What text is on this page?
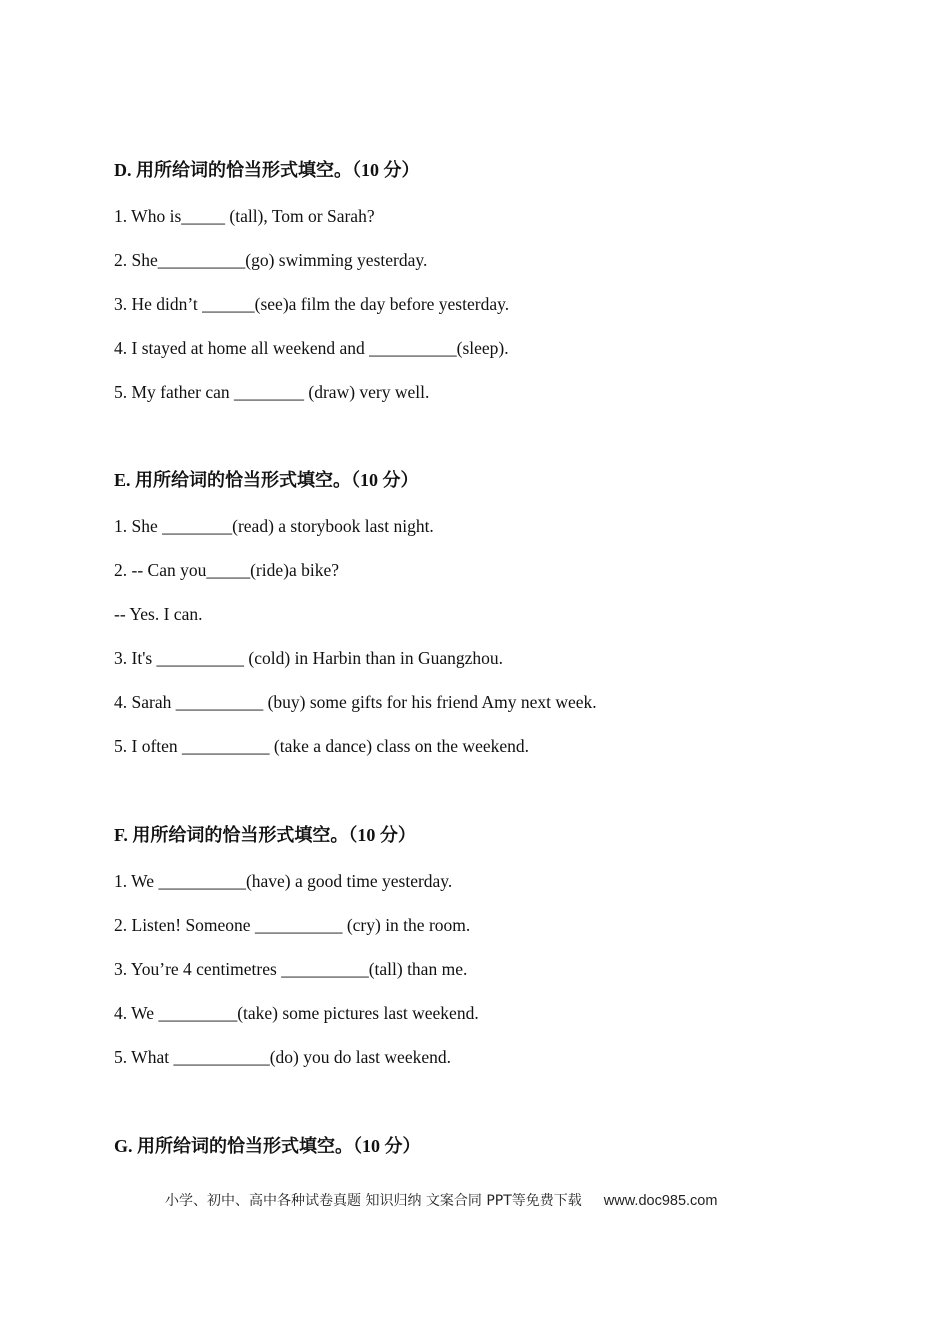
D. 用所给词的恰当形式填空。（10 分）
1. Who is_____ (tall), Tom or Sarah?
2. She__________(go) swimming yesterday.
3. He didn’t ______(see)a film the day before yesterday.
4. I stayed at home all weekend and __________(sleep).
5. My father can ________ (draw) very well.
E. 用所给词的恰当形式填空。（10 分）
1. She ________(read) a storybook last night.
2. -- Can you_____(ride)a bike?
-- Yes. I can.
3. It's __________ (cold) in Harbin than in Guangzhou.
4. Sarah __________ (buy) some gifts for his friend Amy next week.
5. I often __________ (take a dance) class on the weekend.
F. 用所给词的恰当形式填空。（10 分）
1. We __________(have) a good time yesterday.
2. Listen! Someone __________ (cry) in the room.
3. You’re 4 centimetres __________(tall) than me.
4. We _________(take) some pictures last weekend.
5. What ___________(do) you do last weekend.
G. 用所给词的恰当形式填空。（10 分）
小学、初中、高中各种试卷真题 知识归纳 文案合同 PPT等免费下载 www.doc985.com
